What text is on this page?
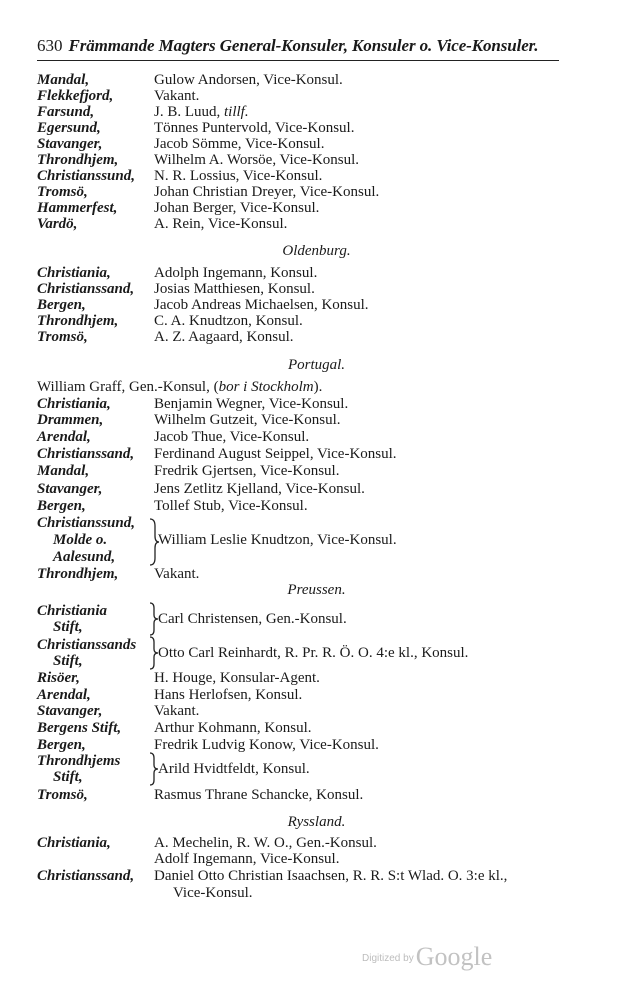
630 Främmande Magters General-Konsuler, Konsuler o. Vice-Konsuler.
Mandal,	Gulow Andorsen, Vice-Konsul.
Flekkefjord,	Vakant.
Farsund,	J. B. Luud, tillf.
Egersund,	Tönnes Puntervold, Vice-Konsul.
Stavanger,	Jacob Sömme, Vice-Konsul.
Throndhjem, Wilhelm A. Worsöe, Vice-Konsul.
Christianssund, N. R. Lossius, Vice-Konsul.
Tromsö,	Johan Christian Dreyer, Vice-Konsul.
Hammerfest, Johan Berger, Vice-Konsul.
Vardö,	A. Rein, Vice-Konsul.
Oldenburg.
Christiania,	Adolph Ingemann, Konsul.
Christianssand, Josias Matthiesen, Konsul.
Bergen,	Jacob Andreas Michaelsen, Konsul.
Throndhjem, C. A. Knudtzon, Konsul.
Tromsö,	A. Z. Aagaard, Konsul.
Portugal.
William Graff, Gen.-Konsul, (bor i Stockholm).
Christiania,	Benjamin Wegner, Vice-Konsul.
Drammen,	Wilhelm Gutzeit, Vice-Konsul.
Arendal,	Jacob Thue, Vice-Konsul.
Christianssand, Ferdinand August Seippel, Vice-Konsul.
Mandal,	Fredrik Gjertsen, Vice-Konsul.
Stavanger,	Jens Zetlitz Kjelland, Vice-Konsul.
Bergen,	Tollef Stub, Vice-Konsul.
Christianssund,
Molde o.	William Leslie Knudtzon, Vice-Konsul.
Aalesund,
Throndhjem, Vakant.
Preussen.
Christiania
Stift,	Carl Christensen, Gen.-Konsul.
Christianssands
Stift,	Otto Carl Reinhardt, R. Pr. R. Ö. O. 4:e kl., Konsul.
Risöer,	H. Houge, Konsular-Agent.
Arendal,	Hans Herlofsen, Konsul.
Stavanger,	Vakant.
Bergens Stift, Arthur Kohmann, Konsul.
Bergen,	Fredrik Ludvig Konow, Vice-Konsul.
Throndhjems
Stift,	Arild Hvidtfeldt, Konsul.
Tromsö,	Rasmus Thrane Schancke, Konsul.
Ryssland.
Christiania,	A. Mechelin, R. W. O., Gen.-Konsul.
Adolf Ingemann, Vice-Konsul.
Christianssand, Daniel Otto Christian Isaachsen, R. R. S:t Wlad. O. 3:e kl.,
Vice-Konsul.
Digitized byGoogle
